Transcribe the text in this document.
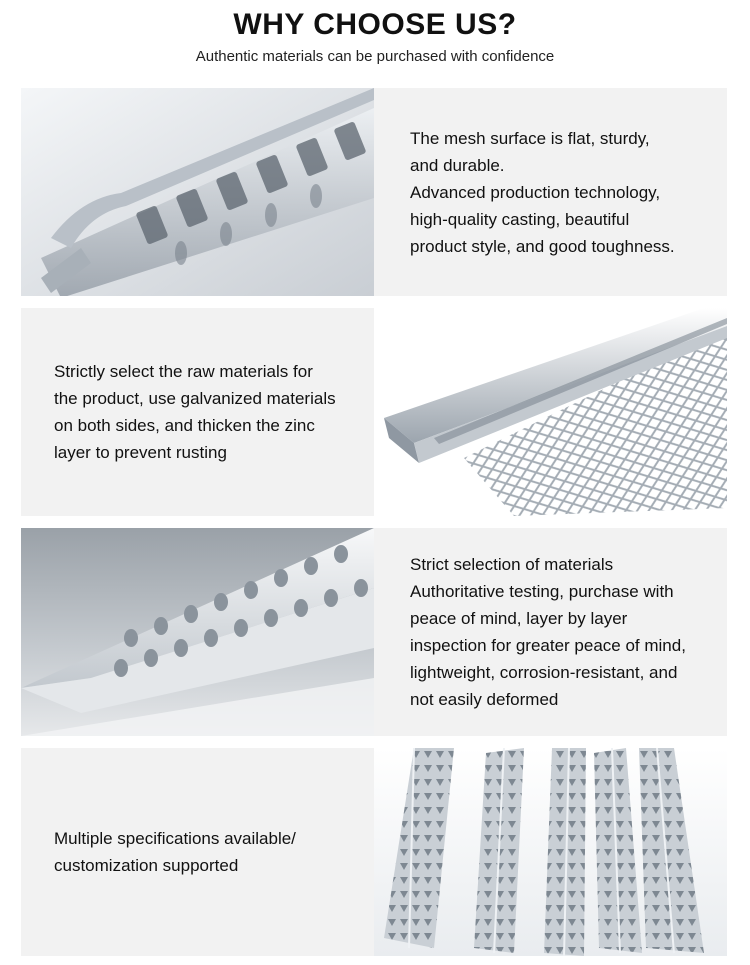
WHY CHOOSE US?
Authentic materials can be purchased with confidence

The mesh surface is flat, sturdy,

and durable.

Advanced production technology,

high-quality casting, beautiful

product style, and good toughness.

Strictly select the raw materials for

the product, use galvanized materials

on both sides, and thicken the zinc

layer to prevent rusting

Strict selection of materials

Authoritative testing, purchase with

peace of mind, layer by layer

inspection for greater peace of mind,

lightweight, corrosion-resistant, and

not easily deformed

Multiple specifications available/

customization supported
